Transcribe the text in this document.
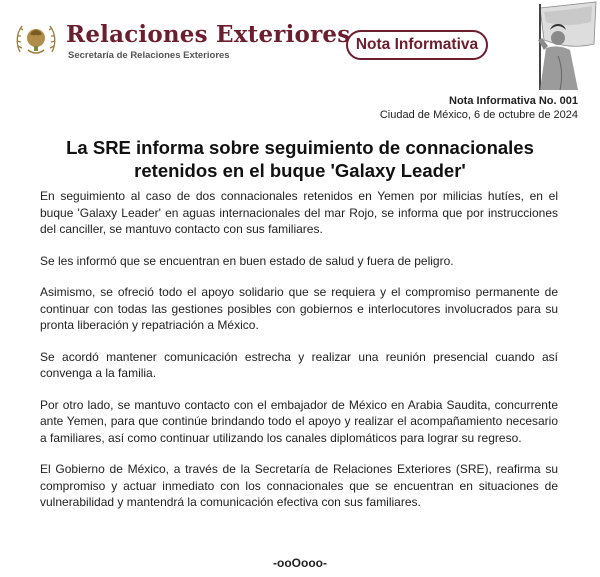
Relaciones Exteriores
Secretaría de Relaciones Exteriores
Nota Informativa
Nota Informativa No. 001
Ciudad de México, 6 de octubre de 2024
La SRE informa sobre seguimiento de connacionales retenidos en el buque 'Galaxy Leader'

En seguimiento al caso de dos connacionales retenidos en Yemen por milicias hutíes, en el buque 'Galaxy Leader' en aguas internacionales del mar Rojo, se informa que por instrucciones del canciller, se mantuvo contacto con sus familiares.

Se les informó que se encuentran en buen estado de salud y fuera de peligro.

Asimismo, se ofreció todo el apoyo solidario que se requiera y el compromiso permanente de continuar con todas las gestiones posibles con gobiernos e interlocutores involucrados para su pronta liberación y repatriación a México.

Se acordó mantener comunicación estrecha y realizar una reunión presencial cuando así convenga a la familia.

Por otro lado, se mantuvo contacto con el embajador de México en Arabia Saudita, concurrente ante Yemen, para que continúe brindando todo el apoyo y realizar el acompañamiento necesario a familiares, así como continuar utilizando los canales diplomáticos para lograr su regreso.

El Gobierno de México, a través de la Secretaría de Relaciones Exteriores (SRE), reafirma su compromiso y actuar inmediato con los connacionales que se encuentran en situaciones de vulnerabilidad y mantendrá la comunicación efectiva con sus familiares.

-ooOooo-
